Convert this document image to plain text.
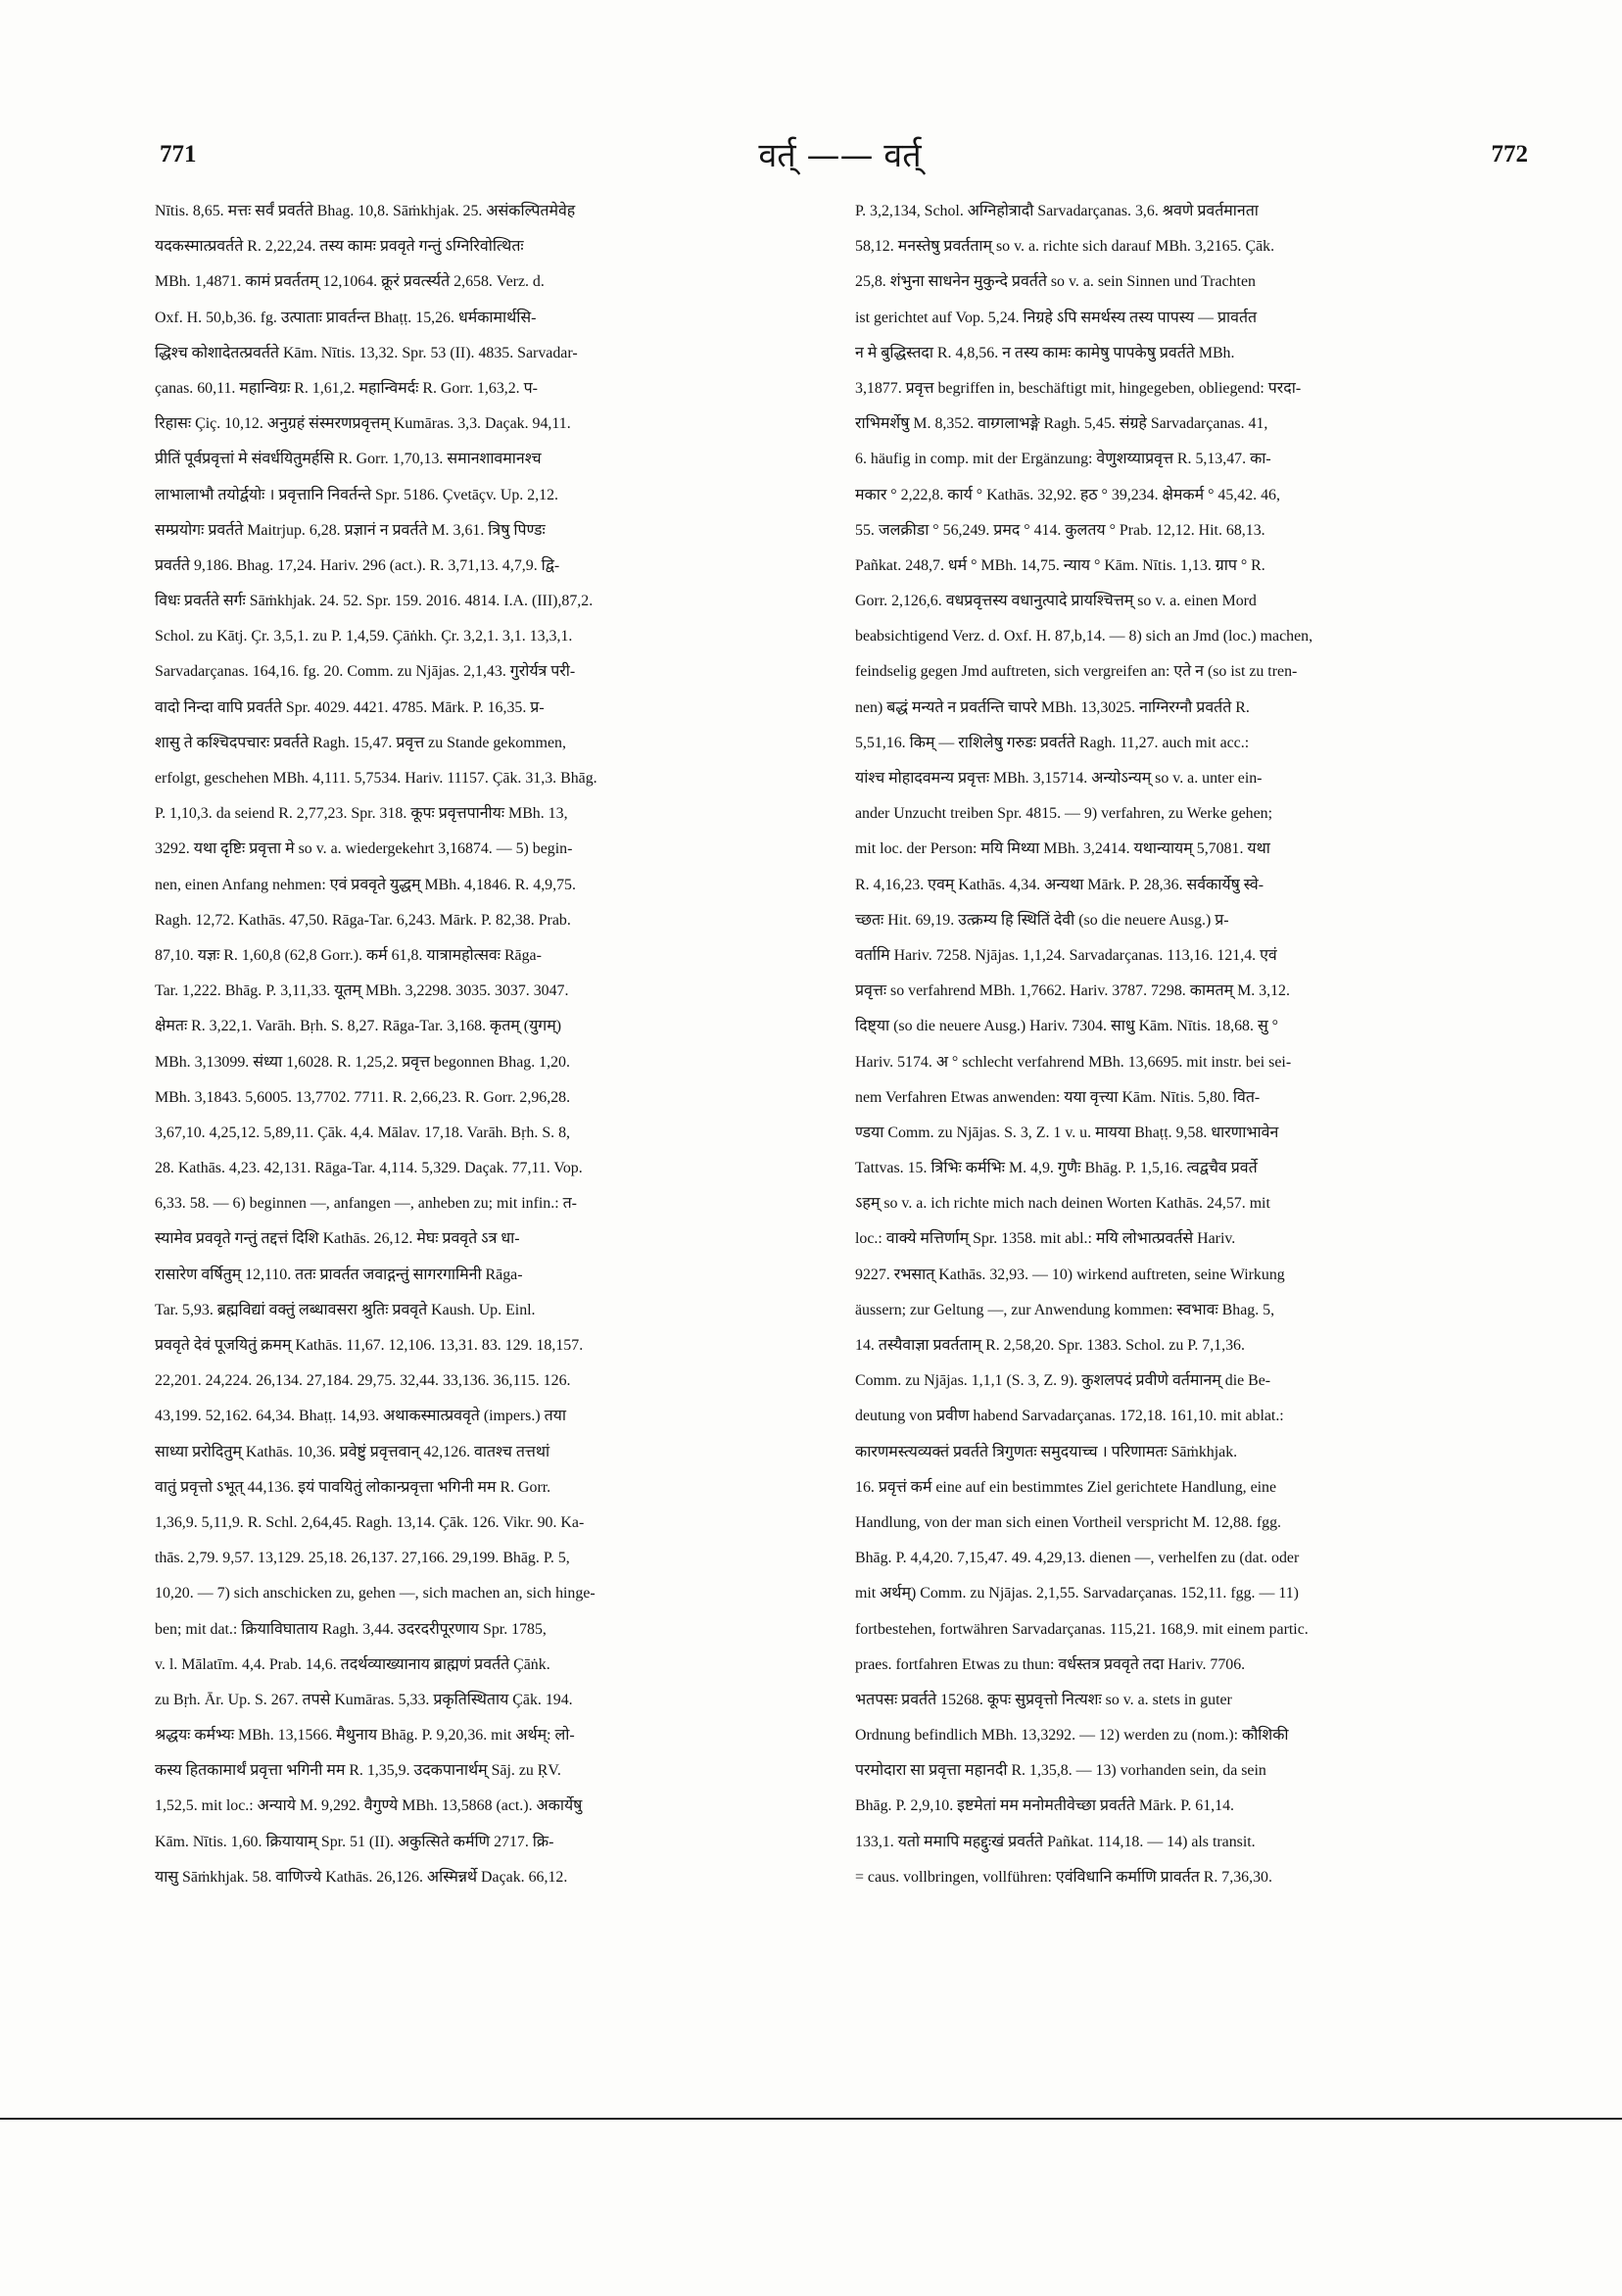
771	वर्त् —— वर्त्	772
Nītis. 8,65. मत्तः सर्वं प्रवर्तते Bhag. 10,8. Sāṁkhjak. 25. असंकल्पितमेवेह
यदकस्मात्प्रवर्तते R. 2,22,24. तस्य कामः प्रववृते गन्तुं ऽग्निरिवोत्थितः
MBh. 1,4871. कामं प्रवर्ततम् 12,1064. क्रूरं प्रवर्त्स्यते 2,658. Verz. d.
Oxf. H. 50,b,36. fg. उत्पाताः प्रावर्तन्त Bhaṭṭ. 15,26. धर्मकामार्थसि-
द्धिश्च कोशादेतत्प्रवर्तते Kām. Nītis. 13,32. Spr. 53 (II). 4835. Sarvadar-
çanas. 60,11. महान्विग्रः R. 1,61,2. महान्विमर्दः R. Gorr. 1,63,2. प-
रिहासः Çiç. 10,12. अनुग्रहं संस्मरणप्रवृत्तम् Kumāras. 3,3. Daçak. 94,11.
प्रीतिं पूर्वप्रवृत्तां मे संवर्धयितुमर्हसि R. Gorr. 1,70,13. समानशावमानश्च
लाभालाभौ तयोर्द्वयोः । प्रवृत्तानि निवर्तन्ते Spr. 5186. Çvetāçv. Up. 2,12.
सम्प्रयोगः प्रवर्तते Maitrjup. 6,28. प्रज्ञानं न प्रवर्तते M. 3,61. त्रिषु पिण्डः
प्रवर्तते 9,186. Bhag. 17,24. Hariv. 296 (act.). R. 3,71,13. 4,7,9. द्वि-
विधः प्रवर्तते सर्गः Sāṁkhjak. 24. 52. Spr. 159. 2016. 4814. I.A. (III),87,2.
Schol. zu Kātj. Çr. 3,5,1. zu P. 1,4,59. Çāṅkh. Çr. 3,2,1. 3,1. 13,3,1.
Sarvadarçanas. 164,16. fg. 20. Comm. zu Njājas. 2,1,43. गुरोर्यत्र परी-
वादो निन्दा वापि प्रवर्तते Spr. 4029. 4421. 4785. Mārk. P. 16,35. प्र-
शासु ते कश्चिदपचारः प्रवर्तते Ragh. 15,47. प्रवृत्त zu Stande gekommen,
erfolgt, geschehen MBh. 4,111. 5,7534. Hariv. 11157. Çāk. 31,3. Bhāg.
P. 1,10,3. da seiend R. 2,77,23. Spr. 318. कूपः प्रवृत्तपानीयः MBh. 13,
3292. यथा दृष्टिः प्रवृत्ता मे so v. a. wiedergekehrt 3,16874. — 5) begin-
nen, einen Anfang nehmen: एवं प्रववृते युद्धम् MBh. 4,1846. R. 4,9,75.
Ragh. 12,72. Kathās. 47,50. Rāga-Tar. 6,243. Mārk. P. 82,38. Prab.
87,10. यज्ञः R. 1,60,8 (62,8 Gorr.). कर्म 61,8. यात्रामहोत्सवः Rāga-
Tar. 1,222. Bhāg. P. 3,11,33. यूतम् MBh. 3,2298. 3035. 3037. 3047.
क्षेमतः R. 3,22,1. Varāh. Bṛh. S. 8,27. Rāga-Tar. 3,168. कृतम् (युगम्)
MBh. 3,13099. संध्या 1,6028. R. 1,25,2. प्रवृत्त begonnen Bhag. 1,20.
MBh. 3,1843. 5,6005. 13,7702. 7711. R. 2,66,23. R. Gorr. 2,96,28.
3,67,10. 4,25,12. 5,89,11. Çāk. 4,4. Mālav. 17,18. Varāh. Bṛh. S. 8,
28. Kathās. 4,23. 42,131. Rāga-Tar. 4,114. 5,329. Daçak. 77,11. Vop.
6,33. 58. — 6) beginnen —, anfangen —, anheben zu; mit infin.: त-
स्यामेव प्रववृते गन्तुं तद्दत्तं दिशि Kathās. 26,12. मेघः प्रववृते ऽत्र धा-
रासारेण वर्षितुम् 12,110. ततः प्रावर्तत जवाद्गन्तुं सागरगामिनी Rāga-
Tar. 5,93. ब्रह्मविद्यां वक्तुं लब्धावसरा श्रुतिः प्रववृते Kaush. Up. Einl.
प्रववृते देवं पूजयितुं क्रमम् Kathās. 11,67. 12,106. 13,31. 83. 129. 18,157.
22,201. 24,224. 26,134. 27,184. 29,75. 32,44. 33,136. 36,115. 126.
43,199. 52,162. 64,34. Bhaṭṭ. 14,93. अथाकस्मात्प्रववृते (impers.) तया
साध्या प्ररोदितुम् Kathās. 10,36. प्रवेष्टुं प्रवृत्तवान् 42,126. वातश्च तत्तथां
वातुं प्रवृत्तो ऽभूत् 44,136. इयं पावयितुं लोकान्प्रवृत्ता भगिनी मम R. Gorr.
1,36,9. 5,11,9. R. Schl. 2,64,45. Ragh. 13,14. Çāk. 126. Vikr. 90. Ka-
thās. 2,79. 9,57. 13,129. 25,18. 26,137. 27,166. 29,199. Bhāg. P. 5,
10,20. — 7) sich anschicken zu, gehen —, sich machen an, sich hinge-
ben; mit dat.: क्रियाविघाताय Ragh. 3,44. उदरदरीपूरणाय Spr. 1785,
v. l. Mālatīm. 4,4. Prab. 14,6. तदर्थव्याख्यानाय ब्राह्मणं प्रवर्तते Çāṅk.
zu Bṛh. Ār. Up. S. 267. तपसे Kumāras. 5,33. प्रकृतिस्थिताय Çāk. 194.
श्रद्धयः कर्मभ्यः MBh. 13,1566. मैथुनाय Bhāg. P. 9,20,36. mit अर्थम्: लो-
कस्य हितकामार्थं प्रवृत्ता भगिनी मम R. 1,35,9. उदकपानार्थम् Sāj. zu ṚV.
1,52,5. mit loc.: अन्याये M. 9,292. वैगुण्ये MBh. 13,5868 (act.). अकार्येषु
Kām. Nītis. 1,60. क्रियायाम् Spr. 51 (II). अकुत्सिते कर्मणि 2717. क्रि-
यासु Sāṁkhjak. 58. वाणिज्ये Kathās. 26,126. अस्मिन्नर्थे Daçak. 66,12.
P. 3,2,134, Schol. अग्निहोत्रादौ Sarvadarçanas. 3,6. श्रवणे प्रवर्तमानता
58,12. मनस्तेषु प्रवर्तताम् so v. a. richte sich darauf MBh. 3,2165. Çāk.
25,8. शंभुना साधनेन मुकुन्दे प्रवर्तते so v. a. sein Sinnen und Trachten
ist gerichtet auf Vop. 5,24. निग्रहे ऽपि समर्थस्य तस्य पापस्य — प्रावर्तत
न मे बुद्धिस्तदा R. 4,8,56. न तस्य कामः कामेषु पापकेषु प्रवर्तते MBh.
3,1877. प्रवृत्त begriffen in, beschäftigt mit, hingegeben, obliegend: परदा-
राभिमर्शेषु M. 8,352. वाग्र्गलाभङ्गे Ragh. 5,45. संग्रहे Sarvadarçanas. 41,
6. häufig in comp. mit der Ergänzung: वेणुशय्याप्रवृत्त R. 5,13,47. का-
मकार ° 2,22,8. कार्य ° Kathās. 32,92. हठ ° 39,234. क्षेमकर्म ° 45,42. 46,
55. जलक्रीडा ° 56,249. प्रमद ° 414. कुलतय ° Prab. 12,12. Hit. 68,13.
Pañkat. 248,7. धर्म ° MBh. 14,75. न्याय ° Kām. Nītis. 1,13. ग्राप ° R.
Gorr. 2,126,6. वधप्रवृत्तस्य वधानुत्पादे प्रायश्चित्तम् so v. a. einen Mord
beabsichtigend Verz. d. Oxf. H. 87,b,14. — 8) sich an Jmd (loc.) machen,
feindselig gegen Jmd auftreten, sich vergreifen an: एते न (so ist zu tren-
nen) बद्धं मन्यते न प्रवर्तन्ति चापरे MBh. 13,3025. नाग्निरग्नौ प्रवर्तते R.
5,51,16. किम् — राशिलेषु गरुडः प्रवर्तते Ragh. 11,27. auch mit acc.:
यांश्च मोहादवमन्य प्रवृत्तः MBh. 3,15714. अन्योऽन्यम् so v. a. unter ein-
ander Unzucht treiben Spr. 4815. — 9) verfahren, zu Werke gehen;
mit loc. der Person: मयि मिथ्या MBh. 3,2414. यथान्यायम् 5,7081. यथा
R. 4,16,23. एवम् Kathās. 4,34. अन्यथा Mārk. P. 28,36. सर्वकार्येषु स्वे-
च्छतः Hit. 69,19. उत्क्रम्य हि स्थितिं देवी (so die neuere Ausg.) प्र-
वर्तामि Hariv. 7258. Njājas. 1,1,24. Sarvadarçanas. 113,16. 121,4. एवं
प्रवृत्तः so verfahrend MBh. 1,7662. Hariv. 3787. 7298. कामतम् M. 3,12.
दिष्ट्या (so die neuere Ausg.) Hariv. 7304. साधु Kām. Nītis. 18,68. सु °
Hariv. 5174. अ ° schlecht verfahrend MBh. 13,6695. mit instr. bei sei-
nem Verfahren Etwas anwenden: यया वृत्त्या Kām. Nītis. 5,80. वित-
ण्डया Comm. zu Njājas. S. 3, Z. 1 v. u. मायया Bhaṭṭ. 9,58. धारणाभावेन
Tattvas. 15. त्रिभिः कर्मभिः M. 4,9. गुणैः Bhāg. P. 1,5,16. त्वद्वचैव प्रवर्ते
ऽहम् so v. a. ich richte mich nach deinen Worten Kathās. 24,57. mit
loc.: वाक्ये मत्तिर्णाम् Spr. 1358. mit abl.: मयि लोभात्प्रवर्तसे Hariv.
9227. रभसात् Kathās. 32,93. — 10) wirkend auftreten, seine Wirkung
äussern; zur Geltung —, zur Anwendung kommen: स्वभावः Bhag. 5,
14. तस्यैवाज्ञा प्रवर्तताम् R. 2,58,20. Spr. 1383. Schol. zu P. 7,1,36.
Comm. zu Njājas. 1,1,1 (S. 3, Z. 9). कुशलपदं प्रवीणे वर्तमानम् die Be-
deutung von प्रवीण habend Sarvadarçanas. 172,18. 161,10. mit ablat.:
कारणमस्त्यव्यक्तं प्रवर्तते त्रिगुणतः समुदयाच्च । परिणामतः Sāṁkhjak.
16. प्रवृत्तं कर्म eine auf ein bestimmtes Ziel gerichtete Handlung, eine
Handlung, von der man sich einen Vortheil verspricht M. 12,88. fgg.
Bhāg. P. 4,4,20. 7,15,47. 49. 4,29,13. dienen —, verhelfen zu (dat. oder
mit अर्थम्) Comm. zu Njājas. 2,1,55. Sarvadarçanas. 152,11. fgg. — 11)
fortbestehen, fortwähren Sarvadarçanas. 115,21. 168,9. mit einem partic.
praes. fortfahren Etwas zu thun: वर्धस्तत्र प्रववृते तदा Hariv. 7706.
भतपसः प्रवर्तते 15268. कूपः सुप्रवृत्तो नित्यशः so v. a. stets in guter
Ordnung befindlich MBh. 13,3292. — 12) werden zu (nom.): कौशिकी
परमोदारा सा प्रवृत्ता महानदी R. 1,35,8. — 13) vorhanden sein, da sein
Bhāg. P. 2,9,10. इष्टमेतां मम मनोमतीवेच्छा प्रवर्तते Mārk. P. 61,14.
133,1. यतो ममापि महद्दुःखं प्रवर्तते Pañkat. 114,18. — 14) als transit.
= caus. vollbringen, vollführen: एवंविधानि कर्माणि प्रावर्तत R. 7,36,30.
